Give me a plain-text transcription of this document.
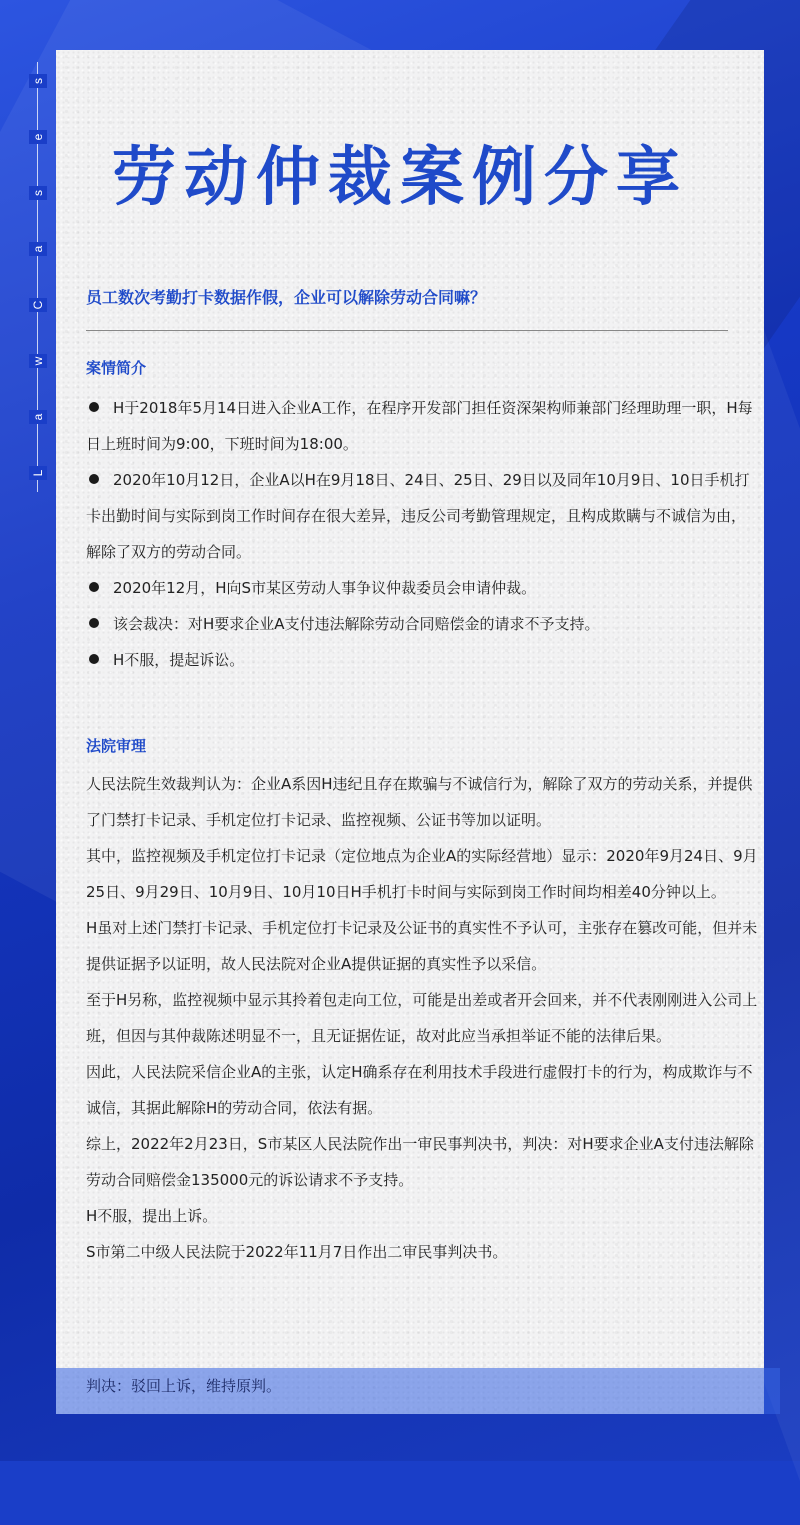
L
a
w
C
a
s
e
s
劳动仲裁案例分享

员工数次考勤打卡数据作假，企业可以解除劳动合同嘛？

案情简介

H于2018年5月14日进入企业A工作，在程序开发部门担任资深架构师兼部门经理助理一职，H每日上班时间为9:00，下班时间为18:00。

2020年10月12日，企业A以H在9月18日、24日、25日、29日以及同年10月9日、10日手机打卡出勤时间与实际到岗工作时间存在很大差异，违反公司考勤管理规定，且构成欺瞒与不诚信为由，解除了双方的劳动合同。

2020年12月，H向S市某区劳动人事争议仲裁委员会申请仲裁。

该会裁决：对H要求企业A支付违法解除劳动合同赔偿金的请求不予支持。

H不服，提起诉讼。

法院审理

人民法院生效裁判认为：企业A系因H违纪且存在欺骗与不诚信行为，解除了双方的劳动关系，并提供了门禁打卡记录、手机定位打卡记录、监控视频、公证书等加以证明。

其中，监控视频及手机定位打卡记录（定位地点为企业A的实际经营地）显示：2020年9月24日、9月25日、9月29日、10月9日、10月10日H手机打卡时间与实际到岗工作时间均相差40分钟以上。

H虽对上述门禁打卡记录、手机定位打卡记录及公证书的真实性不予认可，主张存在篡改可能，但并未提供证据予以证明，故人民法院对企业A提供证据的真实性予以采信。

至于H另称，监控视频中显示其拎着包走向工位，可能是出差或者开会回来，并不代表刚刚进入公司上班，但因与其仲裁陈述明显不一，且无证据佐证，故对此应当承担举证不能的法律后果。

因此，人民法院采信企业A的主张，认定H确系存在利用技术手段进行虚假打卡的行为，构成欺诈与不诚信，其据此解除H的劳动合同，依法有据。

综上，2022年2月23日，S市某区人民法院作出一审民事判决书，判决：对H要求企业A支付违法解除劳动合同赔偿金135000元的诉讼请求不予支持。

H不服，提出上诉。

S市第二中级人民法院于2022年11月7日作出二审民事判决书。

判决：驳回上诉，维持原判。
